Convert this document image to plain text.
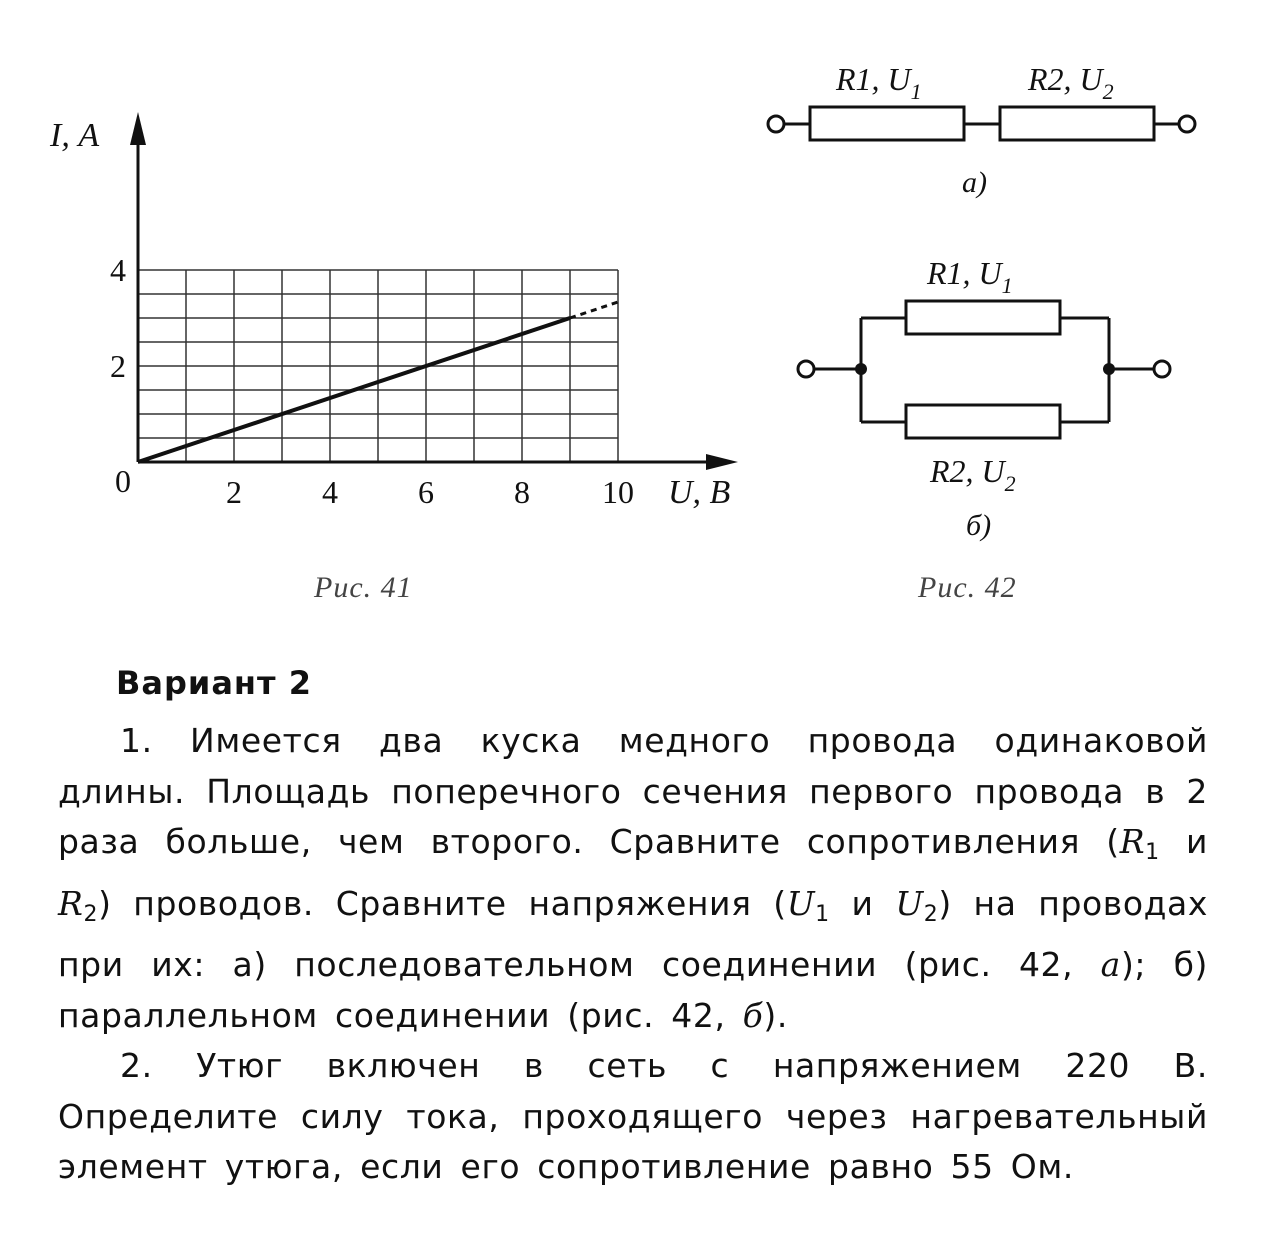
I, А
U, В
0	2	4	6	8 10
2
4
Рис. 41
R1, $U_1$	R2, $U_2$
а)
R1, $U_1$
R2, $U_2$
б)
Рис. 42
Вариант 2

1. Имеется два куска медного провода одинаковой длины. Площадь поперечного сечения первого провода в 2 раза больше, чем второго. Сравните сопротивления ($R_1$ и $R_2$) проводов. Сравните напряжения ($U_1$ и $U_2$) на проводах при их: а) последовательном соединении (рис. 42, а); б) параллельном соединении (рис. 42, б).

2. Утюг включен в сеть с напряжением 220 В. Определите силу тока, проходящего через нагревательный элемент утюга, если его сопротивление равно 55 Ом.
